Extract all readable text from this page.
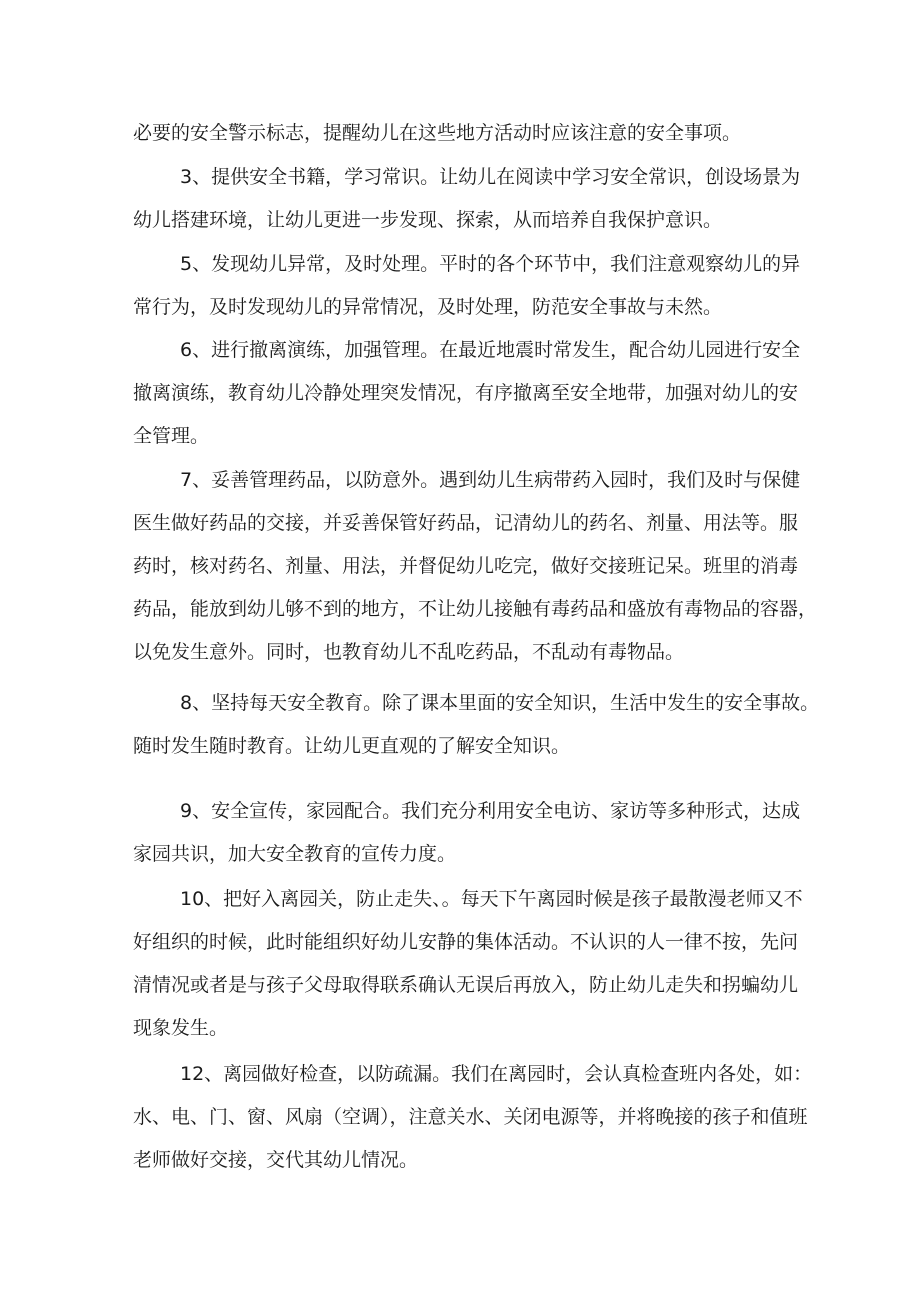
必要的安全警示标志，提醒幼儿在这些地方活动时应该注意的安全事项。
3、提供安全书籍，学习常识。让幼儿在阅读中学习安全常识，创设场景为
幼儿搭建环境，让幼儿更进一步发现、探索，从而培养自我保护意识。
5、发现幼儿异常，及时处理。平时的各个环节中，我们注意观察幼儿的异
常行为，及时发现幼儿的异常情况，及时处理，防范安全事故与未然。
6、进行撤离演练，加强管理。在最近地震时常发生，配合幼儿园进行安全
撤离演练，教育幼儿冷静处理突发情况，有序撤离至安全地带，加强对幼儿的安
全管理。
7、妥善管理药品，以防意外。遇到幼儿生病带药入园时，我们及时与保健
医生做好药品的交接，并妥善保管好药品，记清幼儿的药名、剂量、用法等。服
药时，核对药名、剂量、用法，并督促幼儿吃完，做好交接班记呆。班里的消毒
药品，能放到幼儿够不到的地方，不让幼儿接触有毒药品和盛放有毒物品的容器，
以免发生意外。同时，也教育幼儿不乱吃药品，不乱动有毒物品。
8、坚持每天安全教育。除了课本里面的安全知识，生活中发生的安全事故。
随时发生随时教育。让幼儿更直观的了解安全知识。
9、安全宣传，家园配合。我们充分利用安全电访、家访等多种形式，达成
家园共识，加大安全教育的宣传力度。
10、把好入离园关，防止走失、。每天下午离园时候是孩子最散漫老师又不
好组织的时候，此时能组织好幼儿安静的集体活动。不认识的人一律不按，先问
清情况或者是与孩子父母取得联系确认无误后再放入，防止幼儿走失和拐蝙幼儿
现象发生。
12、离园做好检查，以防疏漏。我们在离园时，会认真检查班内各处，如：
水、电、门、窗、风扇（空调），注意关水、关闭电源等，并将晚接的孩子和值班
老师做好交接，交代其幼儿情况。
